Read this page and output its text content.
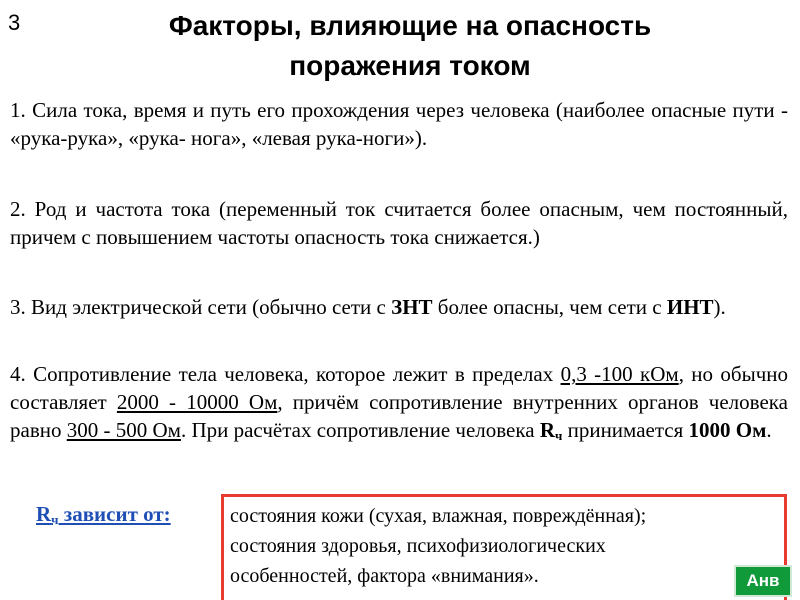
3	Факторы, влияющие на опасность
поражения током
1. Сила тока, время и путь его прохождения через человека (наиболее опасные пути - «рука-рука», «рука- нога», «левая рука-ноги»).
2. Род и частота тока (переменный ток считается более опасным, чем постоянный, причем с повышением частоты опасность тока снижается.)
3. Вид электрической сети (обычно сети с ЗНТ более опасны, чем сети с ИНТ).
4. Сопротивление тела человека, которое лежит в пределах 0,3 -100 кОм, но обычно составляет 2000 - 10000 Ом, причём сопротивление внутренних органов человека равно 300 - 500 Ом. При расчётах сопротивление человека $R_ч$ принимается 1000 Ом.
$R_ч$ зависит от:	состояния кожи (сухая, влажная, повреждённая);
состояния здоровья, психофизиологических
особенностей, фактора «внимания».	Анв
